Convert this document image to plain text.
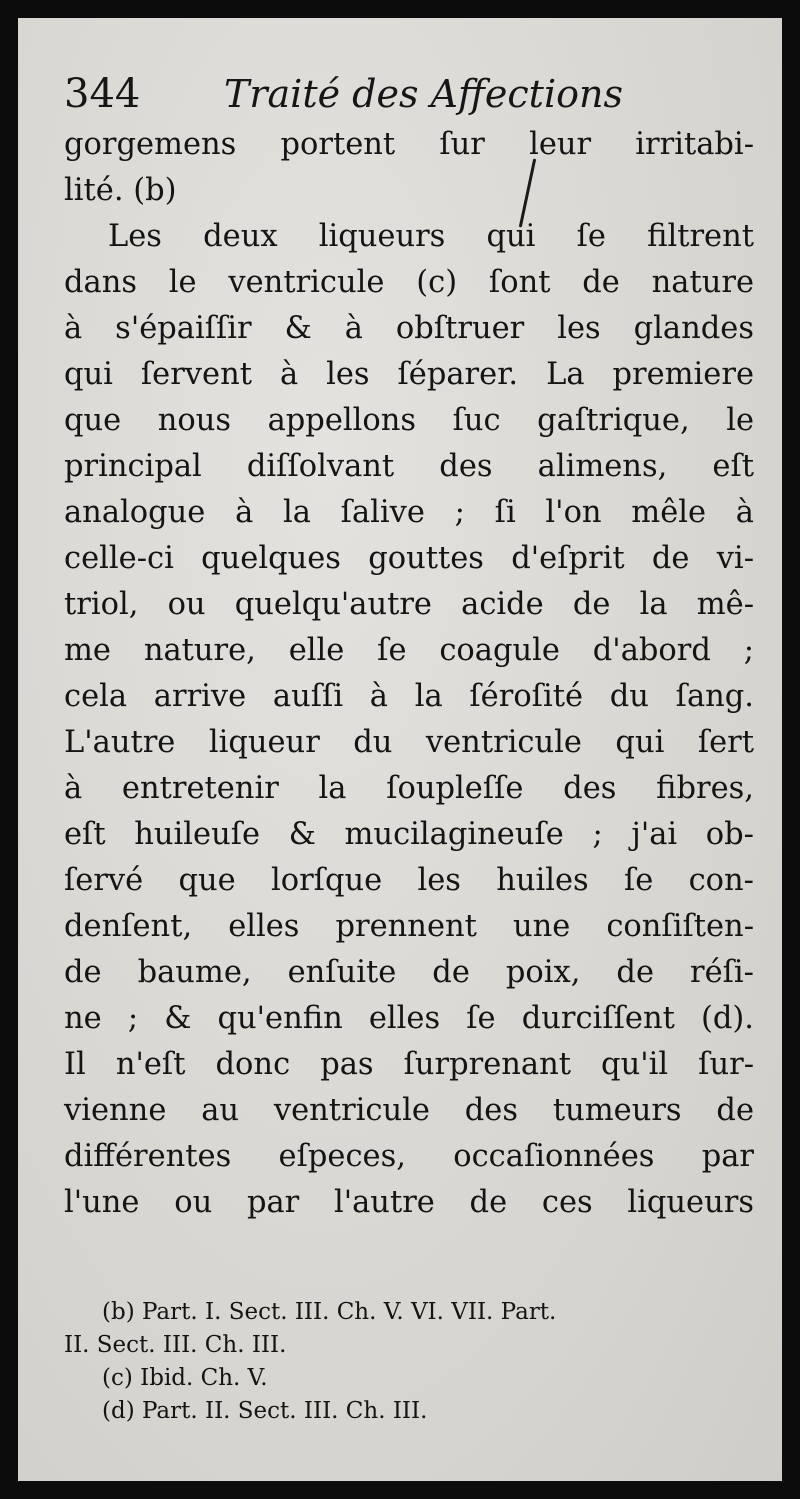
344 Traité des Affections
gorgemens portent ſur leur irritabi-
lité. (b)
Les deux liqueurs qui ſe filtrent
dans le ventricule (c) ſont de nature
à s'épaiſſir & à obſtruer les glandes
qui ſervent à les ſéparer. La premiere
que nous appellons ſuc gaſtrique, le
principal diſſolvant des alimens, eſt
analogue à la ſalive ; ſi l'on mêle à
celle-ci quelques gouttes d'eſprit de vi-
triol, ou quelqu'autre acide de la mê-
me nature, elle ſe coagule d'abord ;
cela arrive auſſi à la ſéroſité du ſang.
L'autre liqueur du ventricule qui ſert
à entretenir la ſoupleſſe des fibres,
eſt huileuſe & mucilagineuſe ; j'ai ob-
ſervé que lorſque les huiles ſe con-
denſent, elles prennent une conſiſten-
de baume, enſuite de poix, de réſi-
ne ; & qu'enfin elles ſe durciſſent (d).
Il n'eſt donc pas ſurprenant qu'il ſur-
vienne au ventricule des tumeurs de
différentes eſpeces, occaſionnées par
l'une ou par l'autre de ces liqueurs
(b) Part. I. Sect. III. Ch. V. VI. VII. Part.
II. Sect. III. Ch. III.
(c) Ibid. Ch. V.
(d) Part. II. Sect. III. Ch. III.
